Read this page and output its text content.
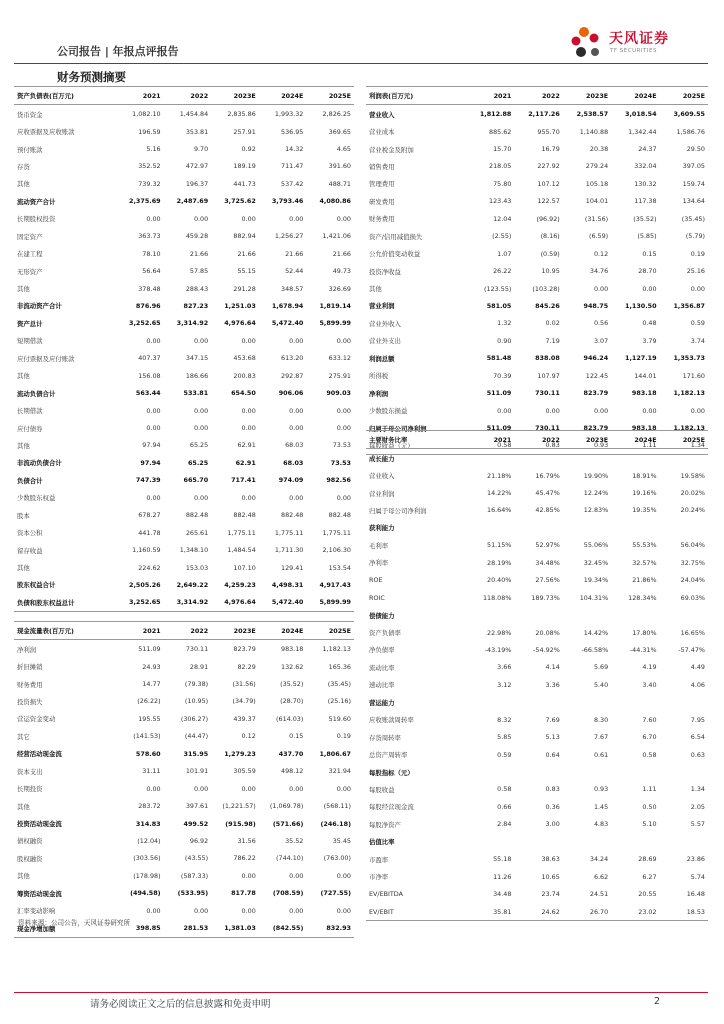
公司报告 | 年报点评报告
天风证券
TF SECURITIES
财务预测摘要
资产负债表(百万元)	2021	2022	2023E	2024E	2025E
货币资金	1,082.10	1,454.84	2,835.86	1,993.32	2,826.25
应收票据及应收账款	196.59	353.81	257.91	536.95	369.65
预付账款	5.16	9.70	0.92	14.32	4.65
存货	352.52	472.97	189.19	711.47	391.60
其他	739.32	196.37	441.73	537.42	488.71
流动资产合计	2,375.69	2,487.69	3,725.62	3,793.46	4,080.86
长期股权投资	0.00	0.00	0.00	0.00	0.00
固定资产	363.73	459.28	882.94	1,256.27	1,421.06
在建工程	78.10	21.66	21.66	21.66	21.66
无形资产	56.64	57.85	55.15	52.44	49.73
其他	378.48	288.43	291.28	348.57	326.69
非流动资产合计	876.96	827.23	1,251.03	1,678.94	1,819.14
资产总计	3,252.65	3,314.92	4,976.64	5,472.40	5,899.99
短期借款	0.00	0.00	0.00	0.00	0.00
应付票据及应付账款	407.37	347.15	453.68	613.20	633.12
其他	156.08	186.66	200.83	292.87	275.91
流动负债合计	563.44	533.81	654.50	906.06	909.03
长期借款	0.00	0.00	0.00	0.00	0.00
应付债券	0.00	0.00	0.00	0.00	0.00
其他	97.94	65.25	62.91	68.03	73.53
非流动负债合计	97.94	65.25	62.91	68.03	73.53
负债合计	747.39	665.70	717.41	974.09	982.56
少数股东权益	0.00	0.00	0.00	0.00	0.00
股本	678.27	882.48	882.48	882.48	882.48
资本公积	441.78	265.61	1,775.11	1,775.11	1,775.11
留存收益	1,160.59	1,348.10	1,484.54	1,711.30	2,106.30
其他	224.62	153.03	107.10	129.41	153.54
股东权益合计	2,505.26	2,649.22	4,259.23	4,498.31	4,917.43
负债和股东权益总计	3,252.65	3,314.92	4,976.64	5,472.40	5,899.99
利润表(百万元)	2021	2022	2023E	2024E	2025E
营业收入	1,812.88	2,117.26	2,538.57	3,018.54	3,609.55
营业成本	885.62	955.70	1,140.88	1,342.44	1,586.76
营业税金及附加	15.70	16.79	20.38	24.37	29.50
销售费用	218.05	227.92	279.24	332.04	397.05
管理费用	75.80	107.12	105.18	130.32	159.74
研发费用	123.43	122.57	104.01	117.38	134.64
财务费用	12.04	(96.92)	(31.56)	(35.52)	(35.45)
资产/信用减值损失	(2.55)	(8.16)	(6.59)	(5.85)	(5.79)
公允价值变动收益	1.07	(0.59)	0.12	0.15	0.19
投资净收益	26.22	10.95	34.76	28.70	25.16
其他	(123.55)	(103.28)	0.00	0.00	0.00
营业利润	581.05	845.26	948.75	1,130.50	1,356.87
营业外收入	1.32	0.02	0.56	0.48	0.59
营业外支出	0.90	7.19	3.07	3.79	3.74
利润总额	581.48	838.08	946.24	1,127.19	1,353.73
所得税	70.39	107.97	122.45	144.01	171.60
净利润	511.09	730.11	823.79	983.18	1,182.13
少数股东损益	0.00	0.00	0.00	0.00	0.00
归属于母公司净利润	511.09	730.11	823.79	983.18	1,182.13
每股收益（元）	0.58	0.83	0.93	1.11	1.34
主要财务比率	2021	2022	2023E	2024E	2025E
成长能力					
营业收入	21.18%	16.79%	19.90%	18.91%	19.58%
营业利润	14.22%	45.47%	12.24%	19.16%	20.02%
归属于母公司净利润	16.64%	42.85%	12.83%	19.35%	20.24%
获利能力					
毛利率	51.15%	52.97%	55.06%	55.53%	56.04%
净利率	28.19%	34.48%	32.45%	32.57%	32.75%
ROE	20.40%	27.56%	19.34%	21.86%	24.04%
ROIC	118.08%	189.73%	104.31%	128.34%	69.03%
偿债能力					
资产负债率	22.98%	20.08%	14.42%	17.80%	16.65%
净负债率	-43.19%	-54.92%	-66.58%	-44.31%	-57.47%
流动比率	3.66	4.14	5.69	4.19	4.49
速动比率	3.12	3.36	5.40	3.40	4.06
营运能力					
应收账款周转率	8.32	7.69	8.30	7.60	7.95
存货周转率	5.85	5.13	7.67	6.70	6.54
总资产周转率	0.59	0.64	0.61	0.58	0.63
每股指标（元）					
每股收益	0.58	0.83	0.93	1.11	1.34
每股经营现金流	0.66	0.36	1.45	0.50	2.05
每股净资产	2.84	3.00	4.83	5.10	5.57
估值比率					
市盈率	55.18	38.63	34.24	28.69	23.86
市净率	11.26	10.65	6.62	6.27	5.74
EV/EBITDA	34.48	23.74	24.51	20.55	16.48
EV/EBIT	35.81	24.62	26.70	23.02	18.53
现金流量表(百万元)	2021	2022	2023E	2024E	2025E
净利润	511.09	730.11	823.79	983.18	1,182.13
折旧摊销	24.93	28.91	82.29	132.62	165.36
财务费用	14.77	(79.38)	(31.56)	(35.52)	(35.45)
投资损失	(26.22)	(10.95)	(34.79)	(28.70)	(25.16)
营运资金变动	195.55	(306.27)	439.37	(614.03)	519.60
其它	(141.53)	(44.47)	0.12	0.15	0.19
经营活动现金流	578.60	315.95	1,279.23	437.70	1,806.67
资本支出	31.11	101.91	305.59	498.12	321.94
长期投资	0.00	0.00	0.00	0.00	0.00
其他	283.72	397.61	(1,221.57)	(1,069.78)	(568.11)
投资活动现金流	314.83	499.52	(915.98)	(571.66)	(246.18)
债权融资	(12.04)	96.92	31.56	35.52	35.45
股权融资	(303.56)	(43.55)	786.22	(744.10)	(763.00)
其他	(178.98)	(587.33)	0.00	0.00	0.00
筹资活动现金流	(494.58)	(533.95)	817.78	(708.59)	(727.55)
汇率变动影响	0.00	0.00	0.00	0.00	0.00
现金净增加额	398.85	281.53	1,381.03	(842.55)	832.93
资料来源：公司公告，天风证券研究所
请务必阅读正文之后的信息披露和免责申明	2
